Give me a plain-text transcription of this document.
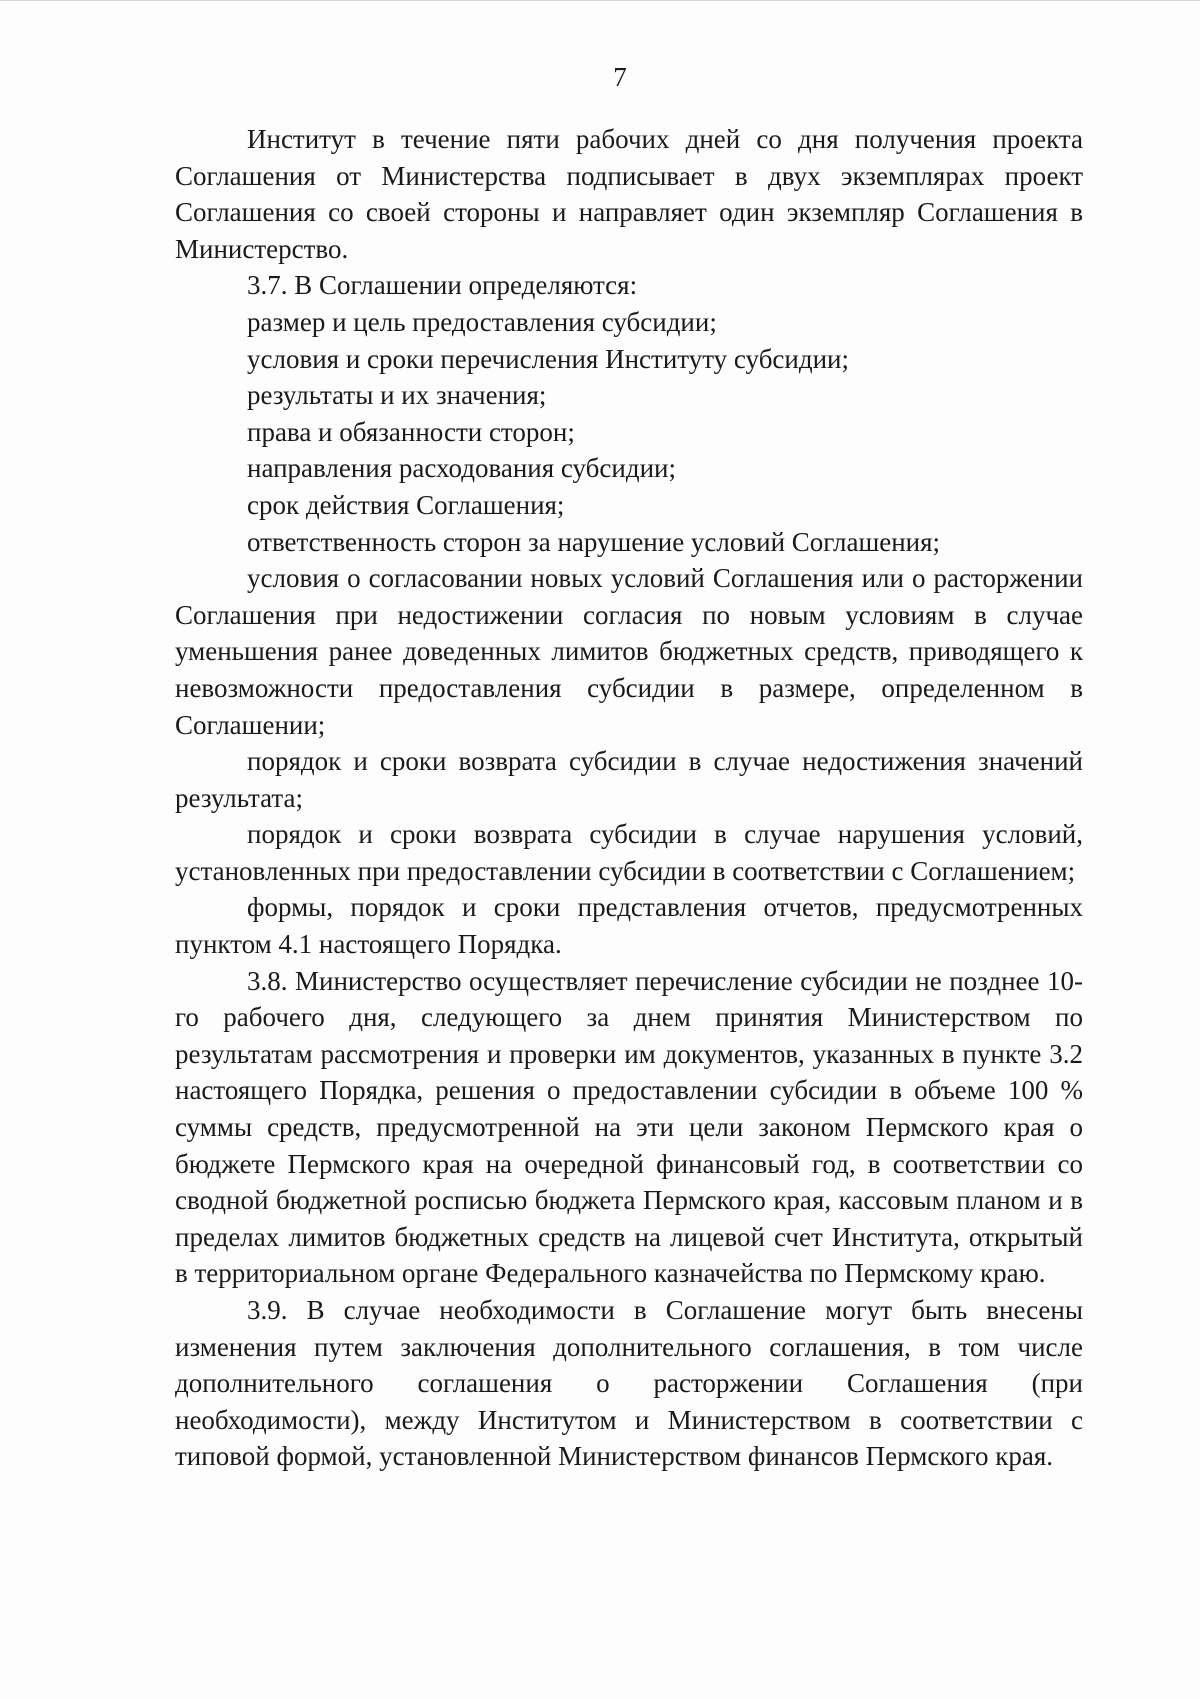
7

Институт в течение пяти рабочих дней со дня получения проекта Соглашения от Министерства подписывает в двух экземплярах проект Соглашения со своей стороны и направляет один экземпляр Соглашения в Министерство.

3.7. В Соглашении определяются:

размер и цель предоставления субсидии;

условия и сроки перечисления Институту субсидии;

результаты и их значения;

права и обязанности сторон;

направления расходования субсидии;

срок действия Соглашения;

ответственность сторон за нарушение условий Соглашения;

условия о согласовании новых условий Соглашения или о расторжении Соглашения при недостижении согласия по новым условиям в случае уменьшения ранее доведенных лимитов бюджетных средств, приводящего к невозможности предоставления субсидии в размере, определенном в Соглашении;

порядок и сроки возврата субсидии в случае недостижения значений результата;

порядок и сроки возврата субсидии в случае нарушения условий, установленных при предоставлении субсидии в соответствии с Соглашением;

формы, порядок и сроки представления отчетов, предусмотренных пунктом 4.1 настоящего Порядка.

3.8. Министерство осуществляет перечисление субсидии не позднее 10-го рабочего дня, следующего за днем принятия Министерством по результатам рассмотрения и проверки им документов, указанных в пункте 3.2 настоящего Порядка, решения о предоставлении субсидии в объеме 100 % суммы средств, предусмотренной на эти цели законом Пермского края о бюджете Пермского края на очередной финансовый год, в соответствии со сводной бюджетной росписью бюджета Пермского края, кассовым планом и в пределах лимитов бюджетных средств на лицевой счет Института, открытый в территориальном органе Федерального казначейства по Пермскому краю.

3.9. В случае необходимости в Соглашение могут быть внесены изменения путем заключения дополнительного соглашения, в том числе дополнительного соглашения о расторжении Соглашения (при необходимости), между Институтом и Министерством в соответствии с типовой формой, установленной Министерством финансов Пермского края.
